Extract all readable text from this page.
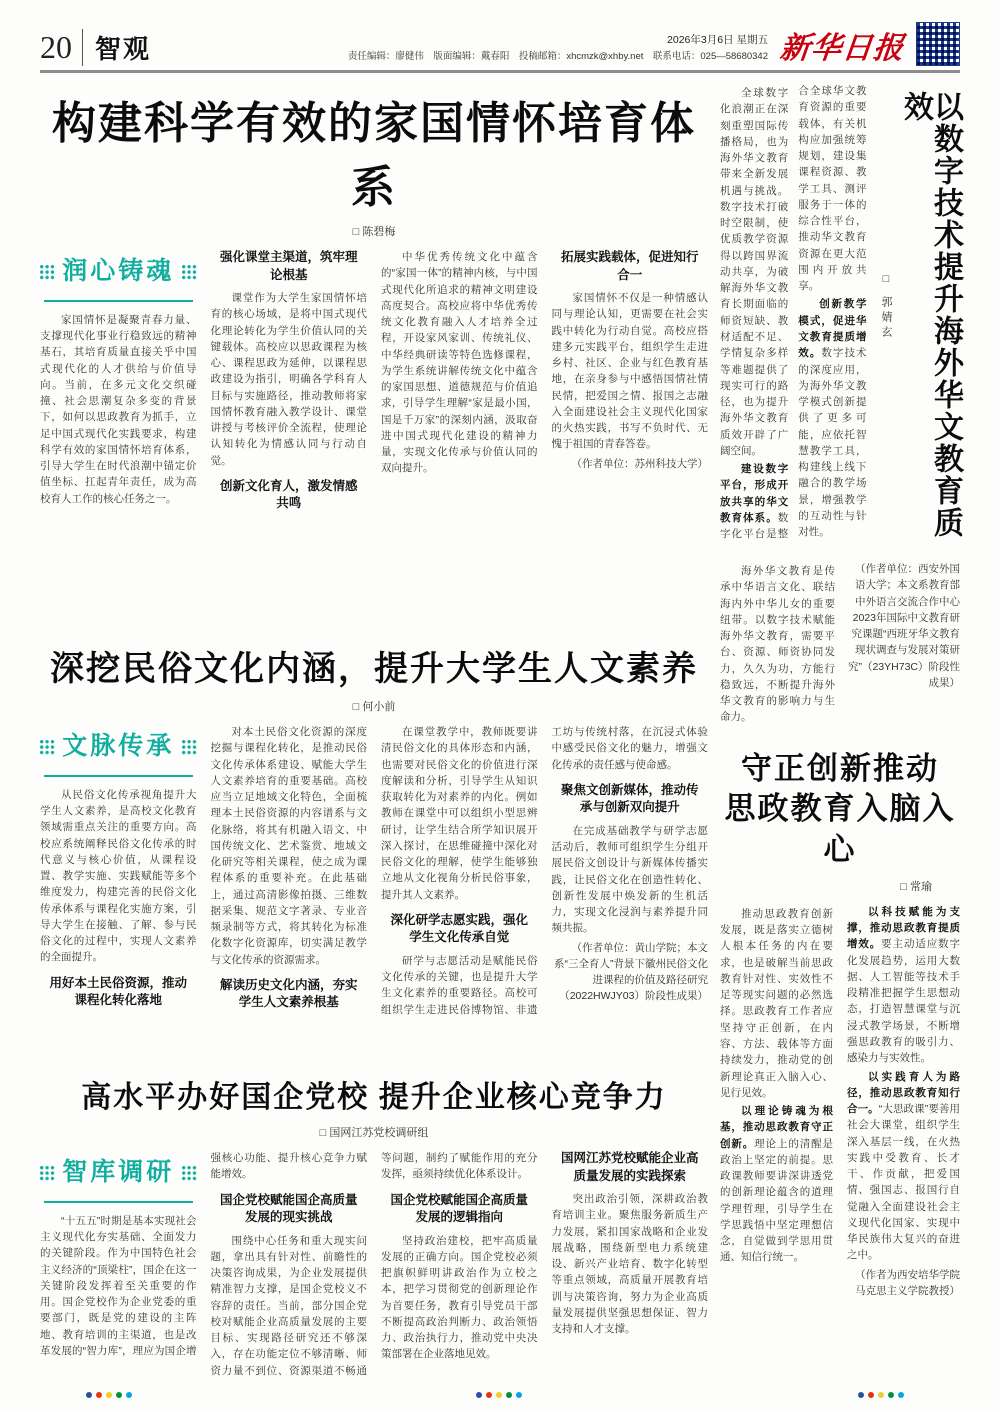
20 智观	2026年3月6日 星期五
责任编辑：廖健伟　版面编辑：戴春阳　投稿邮箱：xhcmzk@xhby.net　联系电话：025—58680342 新华日报
构建科学有效的家国情怀培育体系
□ 陈碧梅
润心铸魂

家国情怀是凝聚青春力量、支撑现代化事业行稳致远的精神基石，其培育质量直接关乎中国式现代化的人才供给与价值导向。当前，在多元文化交织碰撞、社会思潮复杂多变的背景下，如何以思政教育为抓手，立足中国式现代化实践要求，构建科学有效的家国情怀培育体系，引导大学生在时代浪潮中锚定价值坐标、扛起青年责任，成为高校育人工作的核心任务之一。

强化课堂主渠道，筑牢理论根基

课堂作为大学生家国情怀培育的核心场域，是将中国式现代化理论转化为学生价值认同的关键载体。高校应以思政课程为核心、课程思政为延伸，以课程思政建设为指引，明确各学科育人目标与实施路径，推动教师将家国情怀教育融入教学设计、课堂讲授与考核评价全流程，使理论认知转化为情感认同与行动自觉。

创新文化育人，激发情感共鸣

中华优秀传统文化中蕴含的“家国一体”的精神内核，与中国式现代化所追求的精神文明建设高度契合。高校应将中华优秀传统文化教育融入人才培养全过程，开设家风家训、传统礼仪、中华经典研读等特色选修课程，为学生系统讲解传统文化中蕴含的家国思想、道德规范与价值追求，引导学生理解“家是最小国，国是千万家”的深刻内涵，汲取奋进中国式现代化建设的精神力量，实现文化传承与价值认同的双向提升。

拓展实践载体，促进知行合一

家国情怀不仅是一种情感认同与理论认知，更需要在社会实践中转化为行动自觉。高校应搭建多元实践平台，组织学生走进乡村、社区、企业与红色教育基地，在亲身参与中感悟国情社情民情，把爱国之情、报国之志融入全面建设社会主义现代化国家的火热实践，书写不负时代、无愧于祖国的青春答卷。

（作者单位：苏州科技大学）

深挖民俗文化内涵，提升大学生人文素养
□ 何小前
文脉传承

从民俗文化传承视角提升大学生人文素养，是高校文化教育领域需重点关注的重要方向。高校应系统阐释民俗文化传承的时代意义与核心价值，从课程设置、教学实施、实践赋能等多个维度发力，构建完善的民俗文化传承体系与课程化实施方案，引导大学生在接触、了解、参与民俗文化的过程中，实现人文素养的全面提升。

用好本土民俗资源，推动课程化转化落地

对本土民俗文化资源的深度挖掘与课程化转化，是推动民俗文化传承体系建设、赋能大学生人文素养培育的重要基础。高校应当立足地域文化特色，全面梳理本土民俗资源的内容谱系与文化脉络，将其有机融入语文、中国传统文化、艺术鉴赏、地域文化研究等相关课程，使之成为课程体系的重要补充。在此基础上，通过高清影像拍摄、三维数据采集、规范文字著录、专业音频录制等方式，将其转化为标准化数字化资源库，切实满足教学与文化传承的资源需求。

解读历史文化内涵，夯实学生人文素养根基

在课堂教学中，教师既要讲清民俗文化的具体形态和内涵，也需要对民俗文化的价值进行深度解读和分析，引导学生从知识获取转化为对素养的内化。例如教师在课堂中可以组织小型思辨研讨，让学生结合所学知识展开深入探讨，在思维碰撞中深化对民俗文化的理解，使学生能够独立地从文化视角分析民俗事象，提升其人文素养。

深化研学志愿实践，强化学生文化传承自觉

研学与志愿活动是赋能民俗文化传承的关键，也是提升大学生文化素养的重要路径。高校可组织学生走进民俗博物馆、非遗工坊与传统村落，在沉浸式体验中感受民俗文化的魅力，增强文化传承的责任感与使命感。

聚焦文创新媒体，推动传承与创新双向提升

在完成基础教学与研学志愿活动后，教师可组织学生分组开展民俗文创设计与新媒体传播实践，让民俗文化在创造性转化、创新性发展中焕发新的生机活力，实现文化浸润与素养提升同频共振。

（作者单位：黄山学院；本文系“三全育人”背景下徽州民俗文化进课程的价值及路径研究（2022HWJY03）阶段性成果）

高水平办好国企党校 提升企业核心竞争力
□ 国网江苏党校调研组
智库调研

“十五五”时期是基本实现社会主义现代化夯实基础、全面发力的关键阶段。作为中国特色社会主义经济的“顶梁柱”，国企在这一关键阶段发挥着至关重要的作用。国企党校作为企业党委的重要部门，既是党的建设的主阵地、教育培训的主渠道，也是改革发展的“智力库”，理应为国企增强核心功能、提升核心竞争力赋能增效。

国企党校赋能国企高质量发展的现实挑战

围绕中心任务和重大现实问题，拿出具有针对性、前瞻性的决策咨询成果，为企业发展提供精准智力支撑，是国企党校义不容辞的责任。当前，部分国企党校对赋能企业高质量发展的主要目标、实现路径研究还不够深入，存在功能定位不够清晰、师资力量不到位、资源渠道不畅通等问题，制约了赋能作用的充分发挥，亟须持续优化体系设计。

国企党校赋能国企高质量发展的逻辑指向

坚持政治建校，把牢高质量发展的正确方向。国企党校必须把旗帜鲜明讲政治作为立校之本，把学习贯彻党的创新理论作为首要任务，教育引导党员干部不断提高政治判断力、政治领悟力、政治执行力，推动党中央决策部署在企业落地见效。

国网江苏党校赋能企业高质量发展的实践探索

突出政治引领，深耕政治教育培训主业。聚焦服务新质生产力发展，紧扣国家战略和企业发展战略，围绕新型电力系统建设、新兴产业培育、数字化转型等重点领域，高质量开展教育培训与决策咨询，努力为企业高质量发展提供坚强思想保证、智力支持和人才支撑。

全球数字化浪潮正在深刻重塑国际传播格局，也为海外华文教育带来全新发展机遇与挑战。数字技术打破时空限制，使优质教学资源得以跨国界流动共享，为破解海外华文教育长期面临的师资短缺、教材适配不足、学情复杂多样等难题提供了现实可行的路径，也为提升海外华文教育质效开辟了广阔空间。

建设数字平台，形成开放共享的华文教育体系。数字化平台是整合全球华文教育资源的重要载体，有关机构应加强统筹规划，建设集课程资源、教学工具、测评服务于一体的综合性平台，推动华文教育资源在更大范围内开放共享。

创新教学模式，促进华文教育提质增效。数字技术的深度应用，为海外华文教学模式创新提供了更多可能，应依托智慧教学工具，构建线上线下融合的教学场景，增强教学的互动性与针对性。

□ 郭婧玄	以数字技术提升海外华文教育质效

海外华文教育是传承中华语言文化、联结海内外中华儿女的重要纽带。以数字技术赋能海外华文教育，需要平台、资源、师资协同发力，久久为功，方能行稳致远，不断提升海外华文教育的影响力与生命力。

（作者单位：西安外国语大学；本文系教育部中外语言交流合作中心2023年国际中文教育研究课题“西班牙华文教育现状调查与发展对策研究”（23YH73C）阶段性成果）

守正创新推动
思政教育入脑入心
□ 常瑜

推动思政教育创新发展，既是落实立德树人根本任务的内在要求，也是破解当前思政教育针对性、实效性不足等现实问题的必然选择。思政教育工作者应坚持守正创新，在内容、方法、载体等方面持续发力，推动党的创新理论真正入脑入心、见行见效。

以理论铸魂为根基，推动思政教育守正创新。理论上的清醒是政治上坚定的前提。思政课教师要讲深讲透党的创新理论蕴含的道理学理哲理，引导学生在学思践悟中坚定理想信念，自觉做到学思用贯通、知信行统一。

以科技赋能为支撑，推动思政教育提质增效。要主动适应数字化发展趋势，运用大数据、人工智能等技术手段精准把握学生思想动态，打造智慧课堂与沉浸式教学场景，不断增强思政教育的吸引力、感染力与实效性。

以实践育人为路径，推动思政教育知行合一。“大思政课”要善用社会大课堂，组织学生深入基层一线，在火热实践中受教育、长才干、作贡献，把爱国情、强国志、报国行自觉融入全面建设社会主义现代化国家、实现中华民族伟大复兴的奋进之中。

（作者为西安培华学院马克思主义学院教授）
